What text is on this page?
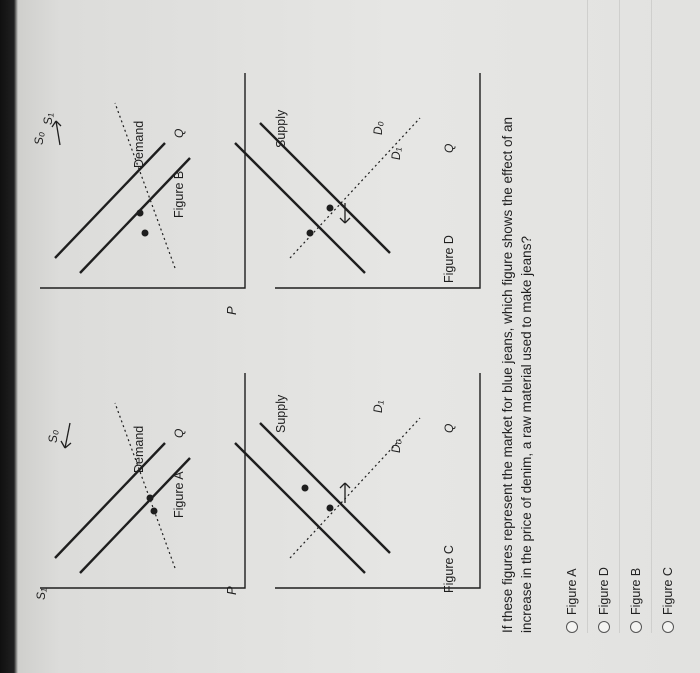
S₁
S₀	Demand
Figure A
Q
S₀
S₁
Demand
Figure B
Q
P
Supply	D₁
D₀
Figure C
Q
P
Supply	D₀
D₁
Figure D
Q	If these figures represent the market for blue jeans, which figure shows the effect of an increase in the price of denim, a raw material used to make jeans? Figure A Figure D Figure B Figure C
